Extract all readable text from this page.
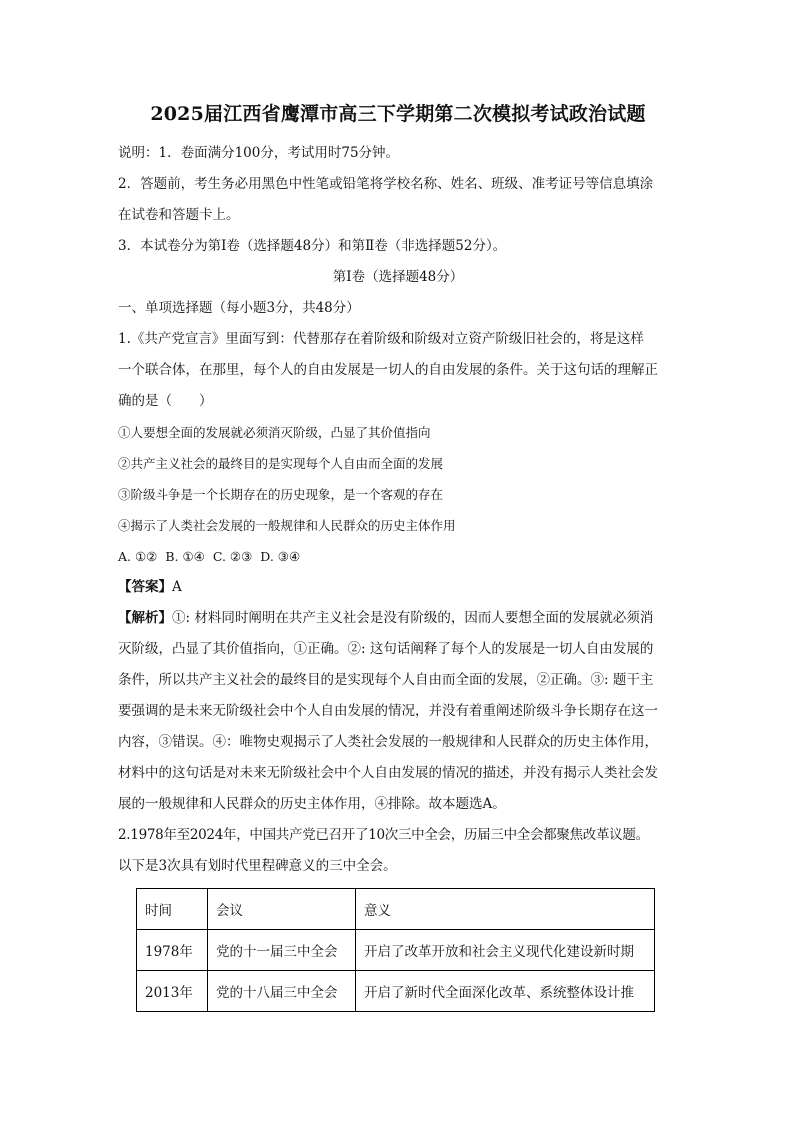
2025届江西省鹰潭市高三下学期第二次模拟考试政治试题

说明：1．卷面满分100分，考试用时75分钟。

2．答题前，考生务必用黑色中性笔或铅笔将学校名称、姓名、班级、准考证号等信息填涂

在试卷和答题卡上。

3．本试卷分为第Ⅰ卷（选择题48分）和第Ⅱ卷（非选择题52分）。

第Ⅰ卷（选择题48分）

一、单项选择题（每小题3分，共48分）

1.《共产党宣言》里面写到：代替那存在着阶级和阶级对立资产阶级旧社会的，将是这样

一个联合体，在那里，每个人的自由发展是一切人的自由发展的条件。关于这句话的理解正

确的是（　　）

①人要想全面的发展就必须消灭阶级，凸显了其价值指向

②共产主义社会的最终目的是实现每个人自由而全面的发展

③阶级斗争是一个长期存在的历史现象，是一个客观的存在

④揭示了人类社会发展的一般规律和人民群众的历史主体作用

A. ①②  B. ①④  C. ②③  D. ③④

【答案】A

【解析】①: 材料同时阐明在共产主义社会是没有阶级的，因而人要想全面的发展就必须消

灭阶级，凸显了其价值指向，①正确。②: 这句话阐释了每个人的发展是一切人自由发展的

条件，所以共产主义社会的最终目的是实现每个人自由而全面的发展，②正确。③: 题干主

要强调的是未来无阶级社会中个人自由发展的情况，并没有着重阐述阶级斗争长期存在这一

内容，③错误。④：唯物史观揭示了人类社会发展的一般规律和人民群众的历史主体作用，

材料中的这句话是对未来无阶级社会中个人自由发展的情况的描述，并没有揭示人类社会发

展的一般规律和人民群众的历史主体作用，④排除。故本题选A。

2.1978年至2024年，中国共产党已召开了10次三中全会，历届三中全会都聚焦改革议题。

以下是3次具有划时代里程碑意义的三中全会。

时间	会议	意义
1978年	党的十一届三中全会	开启了改革开放和社会主义现代化建设新时期
2013年	党的十八届三中全会	开启了新时代全面深化改革、系统整体设计推
